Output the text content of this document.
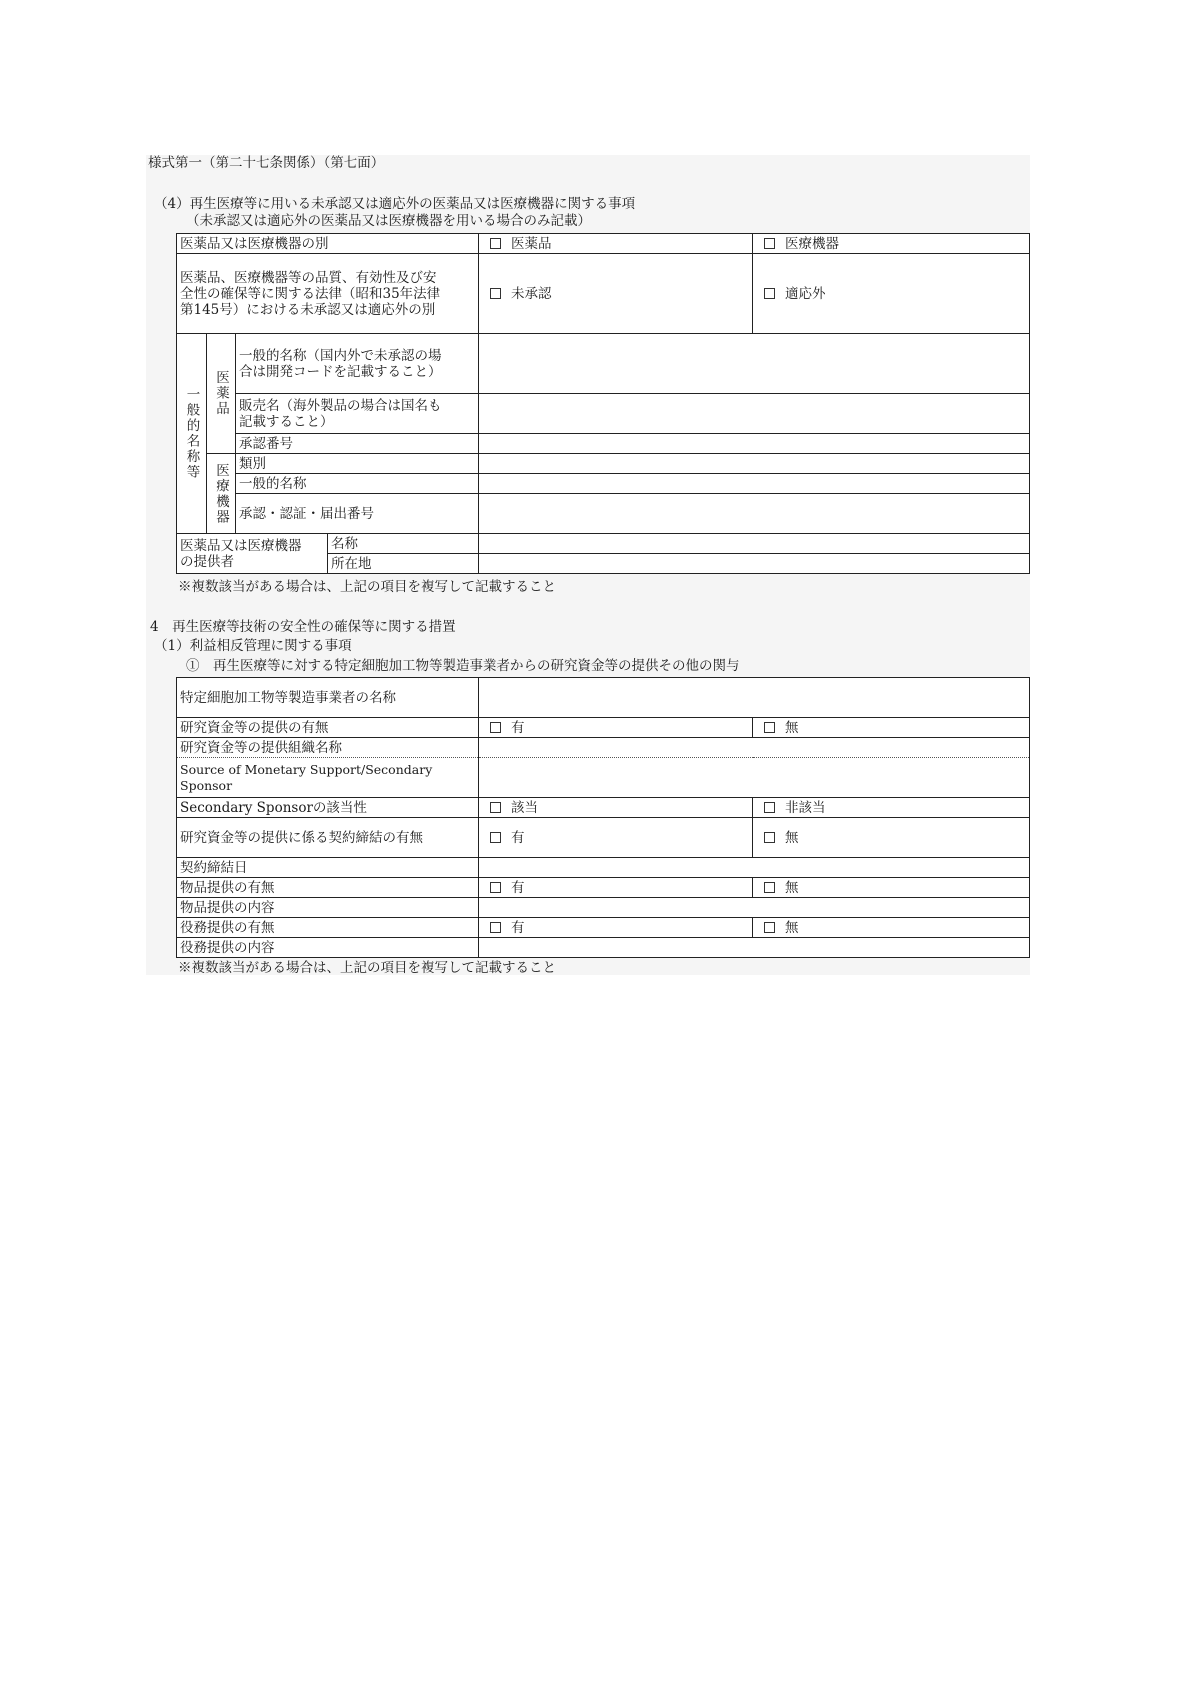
様式第一（第二十七条関係）（第七面）
（4）再生医療等に用いる未承認又は適応外の医薬品又は医療機器に関する事項
（未承認又は適応外の医薬品又は医療機器を用いる場合のみ記載）
医薬品又は医療機器の別				医薬品	医療機器

医薬品、医療機器等の品質、有効性及び安
全性の確保等に関する法律（昭和35年法律
第145号）における未承認又は適応外の別				未承認	適応外

一般的名称等	医薬品	一般的名称（国内外で未承認の場
合は開発コードを記載すること）			

		販売名（海外製品の場合は国名も
記載すること）			

		承認番号			

	医療機器	類別			
		一般的名称			
		承認・認証・届出番号			

医薬品又は医療機器
の提供者			名称		
			所在地		
※複数該当がある場合は、上記の項目を複写して記載すること
4　再生医療等技術の安全性の確保等に関する措置
（1）利益相反管理に関する事項
①　再生医療等に対する特定細胞加工物等製造事業者からの研究資金等の提供その他の関与
特定細胞加工物等製造事業者の名称		
研究資金等の提供の有無	有	無
研究資金等の提供組織名称		

Source of Monetary Support/Secondary
Sponsor		

Secondary Sponsorの該当性	該当	非該当
研究資金等の提供に係る契約締結の有無	有	無
契約締結日		
物品提供の有無	有	無
物品提供の内容		
役務提供の有無	有	無
役務提供の内容		
※複数該当がある場合は、上記の項目を複写して記載すること
